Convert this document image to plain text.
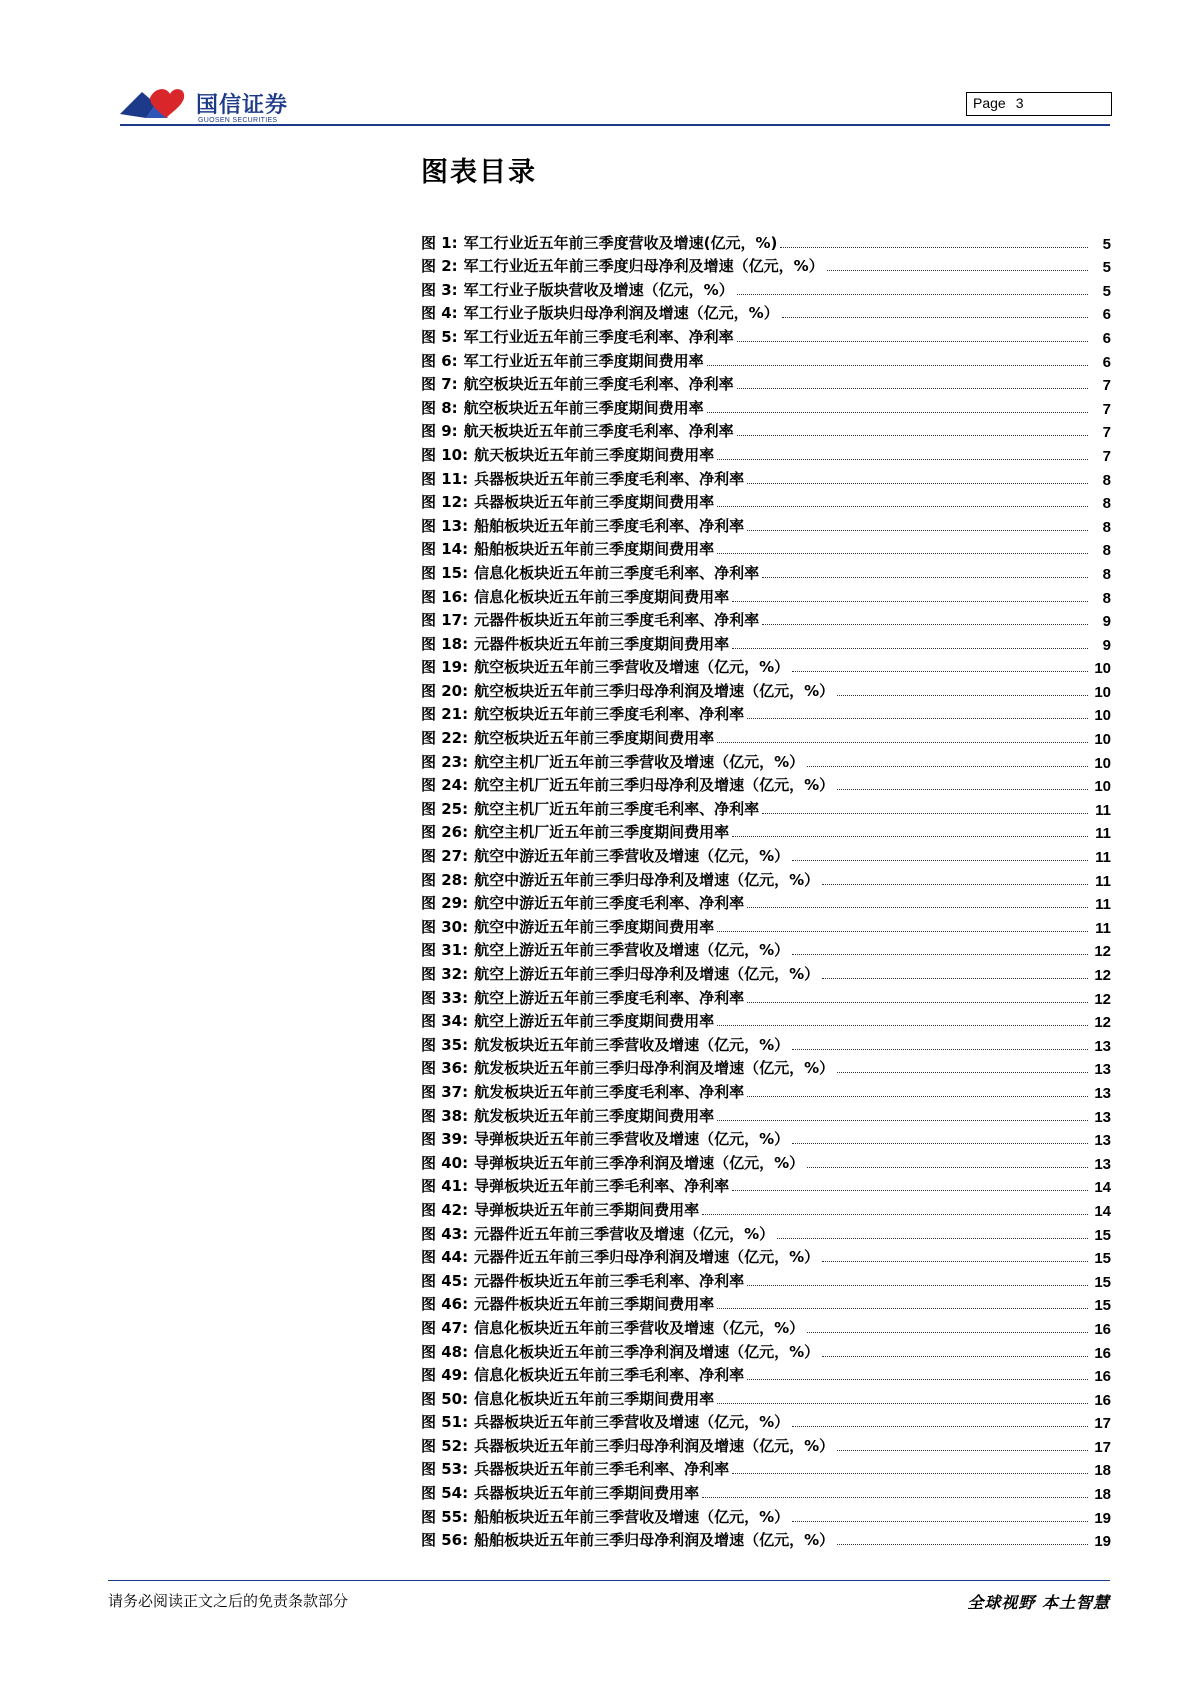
国信证券
GUOSEN SECURITIES
Page 3
图表目录
图 1: 军工行业近五年前三季度营收及增速(亿元，%)	5
图 2: 军工行业近五年前三季度归母净利及增速（亿元，%）	5
图 3: 军工行业子版块营收及增速（亿元，%）	5
图 4: 军工行业子版块归母净利润及增速（亿元，%）	6
图 5: 军工行业近五年前三季度毛利率、净利率	6
图 6: 军工行业近五年前三季度期间费用率	6
图 7: 航空板块近五年前三季度毛利率、净利率	7
图 8: 航空板块近五年前三季度期间费用率	7
图 9: 航天板块近五年前三季度毛利率、净利率	7
图 10: 航天板块近五年前三季度期间费用率	7
图 11: 兵器板块近五年前三季度毛利率、净利率	8
图 12: 兵器板块近五年前三季度期间费用率	8
图 13: 船舶板块近五年前三季度毛利率、净利率	8
图 14: 船舶板块近五年前三季度期间费用率	8
图 15: 信息化板块近五年前三季度毛利率、净利率	8
图 16: 信息化板块近五年前三季度期间费用率	8
图 17: 元器件板块近五年前三季度毛利率、净利率	9
图 18: 元器件板块近五年前三季度期间费用率	9
图 19: 航空板块近五年前三季营收及增速（亿元，%）	10
图 20: 航空板块近五年前三季归母净利润及增速（亿元，%）	10
图 21: 航空板块近五年前三季度毛利率、净利率	10
图 22: 航空板块近五年前三季度期间费用率	10
图 23: 航空主机厂近五年前三季营收及增速（亿元，%）	10
图 24: 航空主机厂近五年前三季归母净利及增速（亿元，%）	10
图 25: 航空主机厂近五年前三季度毛利率、净利率	11
图 26: 航空主机厂近五年前三季度期间费用率	11
图 27: 航空中游近五年前三季营收及增速（亿元，%）	11
图 28: 航空中游近五年前三季归母净利及增速（亿元，%）	11
图 29: 航空中游近五年前三季度毛利率、净利率	11
图 30: 航空中游近五年前三季度期间费用率	11
图 31: 航空上游近五年前三季营收及增速（亿元，%）	12
图 32: 航空上游近五年前三季归母净利及增速（亿元，%）	12
图 33: 航空上游近五年前三季度毛利率、净利率	12
图 34: 航空上游近五年前三季度期间费用率	12
图 35: 航发板块近五年前三季营收及增速（亿元，%）	13
图 36: 航发板块近五年前三季归母净利润及增速（亿元，%）	13
图 37: 航发板块近五年前三季度毛利率、净利率	13
图 38: 航发板块近五年前三季度期间费用率	13
图 39: 导弹板块近五年前三季营收及增速（亿元，%）	13
图 40: 导弹板块近五年前三季净利润及增速（亿元，%）	13
图 41: 导弹板块近五年前三季毛利率、净利率	14
图 42: 导弹板块近五年前三季期间费用率	14
图 43: 元器件近五年前三季营收及增速（亿元，%）	15
图 44: 元器件近五年前三季归母净利润及增速（亿元，%）	15
图 45: 元器件板块近五年前三季毛利率、净利率	15
图 46: 元器件板块近五年前三季期间费用率	15
图 47: 信息化板块近五年前三季营收及增速（亿元，%）	16
图 48: 信息化板块近五年前三季净利润及增速（亿元，%）	16
图 49: 信息化板块近五年前三季毛利率、净利率	16
图 50: 信息化板块近五年前三季期间费用率	16
图 51: 兵器板块近五年前三季营收及增速（亿元，%）	17
图 52: 兵器板块近五年前三季归母净利润及增速（亿元，%）	17
图 53: 兵器板块近五年前三季毛利率、净利率	18
图 54: 兵器板块近五年前三季期间费用率	18
图 55: 船舶板块近五年前三季营收及增速（亿元，%）	19
图 56: 船舶板块近五年前三季归母净利润及增速（亿元，%）	19
请务必阅读正文之后的免责条款部分	全球视野 本土智慧
